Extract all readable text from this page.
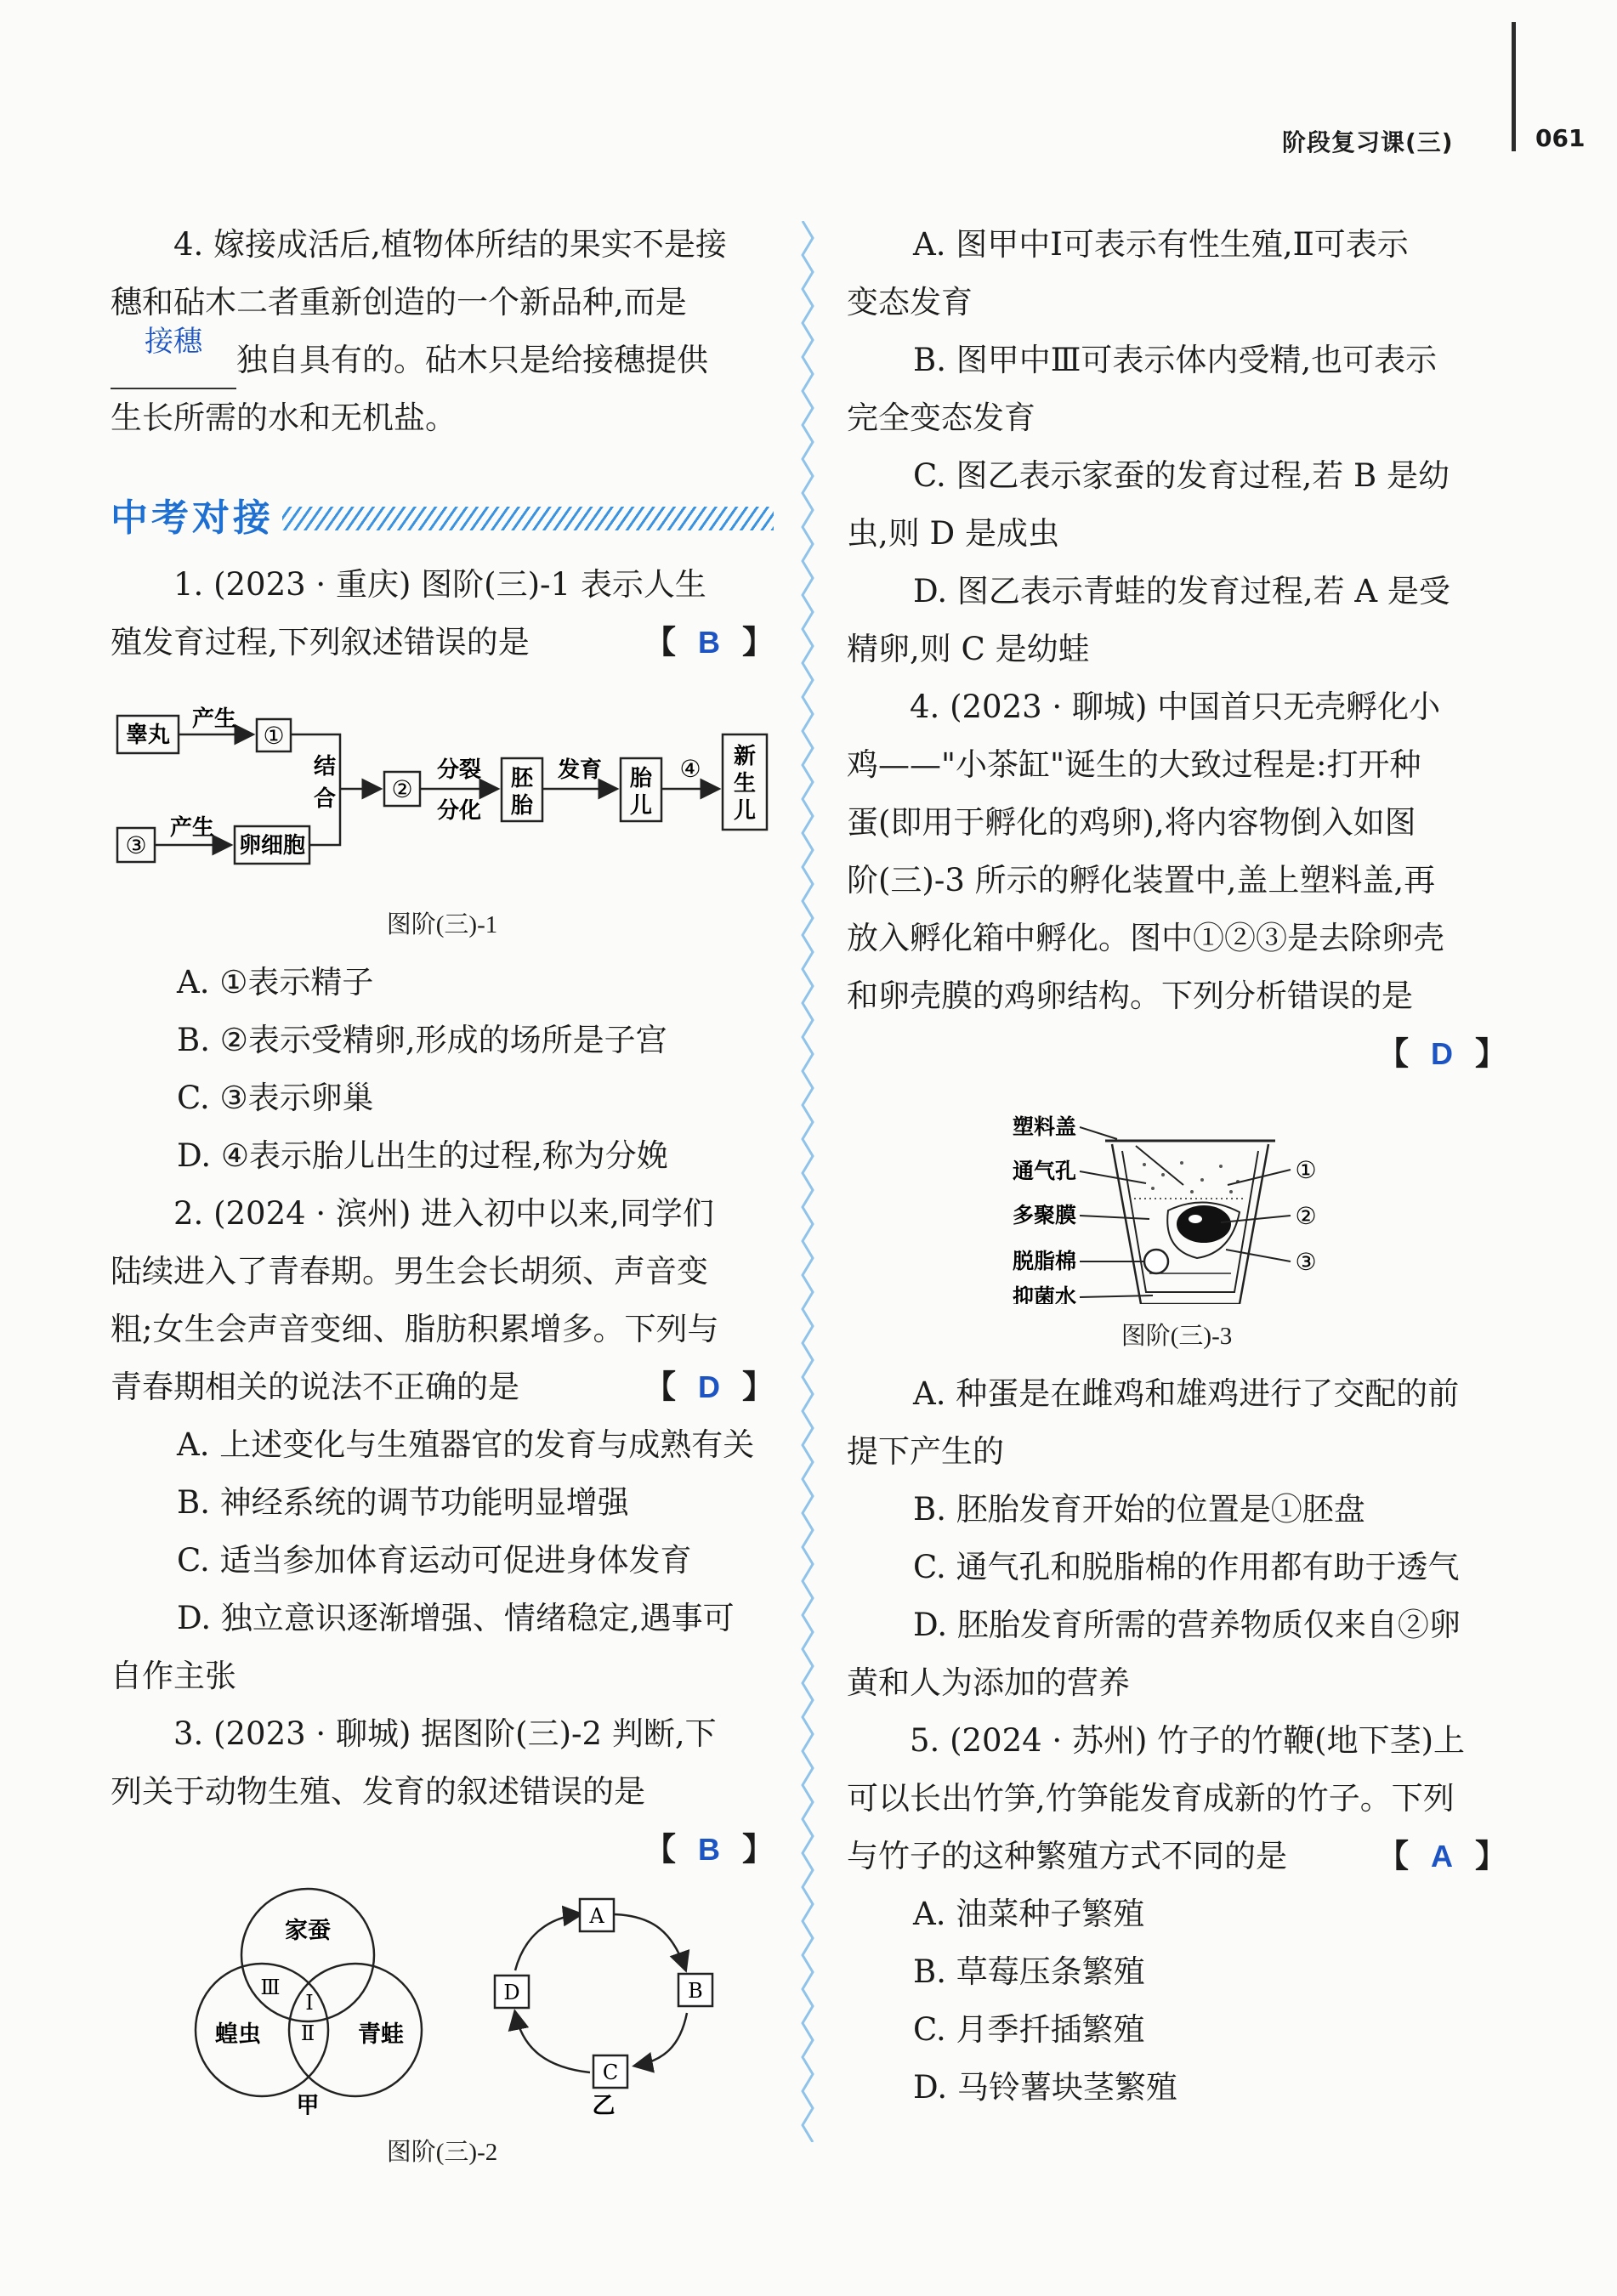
阶段复习课(三)	061

4. 嫁接成活后,植物体所结的果实不是接

穗和砧木二者重新创造的一个新品种,而是

接穗	独自具有的。砧木只是给接穗提供

生长所需的水和无机盐。

中考对接

1. (2023 · 重庆) 图阶(三)-1 表示人生

殖发育过程,下列叙述错误的是	【 B 】

睾丸
产生
①
③
产生
卵细胞
结
合 ②
分裂
分化
胚
胎
发育 胎
儿
④ 新
生
儿

图阶(三)-1

A. ①表示精子

B. ②表示受精卵,形成的场所是子宫

C. ③表示卵巢

D. ④表示胎儿出生的过程,称为分娩

2. (2024 · 滨州) 进入初中以来,同学们

陆续进入了青春期。男生会长胡须、声音变

粗;女生会声音变细、脂肪积累增多。下列与

青春期相关的说法不正确的是	【 D 】

A. 上述变化与生殖器官的发育与成熟有关

B. 神经系统的调节功能明显增强

C. 适当参加体育运动可促进身体发育

D. 独立意识逐渐增强、情绪稳定,遇事可

自作主张

3. (2023 · 聊城) 据图阶(三)-2 判断,下

列关于动物生殖、发育的叙述错误的是

【 B 】

家蚕
蝗虫	青蛙
Ⅲ
Ⅰ
Ⅱ
甲
A
B
C
D
乙

图阶(三)-2

A. 图甲中Ⅰ可表示有性生殖,Ⅱ可表示

变态发育

B. 图甲中Ⅲ可表示体内受精,也可表示

完全变态发育

C. 图乙表示家蚕的发育过程,若 B 是幼

虫,则 D 是成虫

D. 图乙表示青蛙的发育过程,若 A 是受

精卵,则 C 是幼蛙

4. (2023 · 聊城) 中国首只无壳孵化小

鸡——"小茶缸"诞生的大致过程是:打开种

蛋(即用于孵化的鸡卵),将内容物倒入如图

阶(三)-3 所示的孵化装置中,盖上塑料盖,再

放入孵化箱中孵化。图中①②③是去除卵壳

和卵壳膜的鸡卵结构。下列分析错误的是

【 D 】

塑料盖
通气孔
多聚膜
脱脂棉
抑菌水
①
②
③

图阶(三)-3

A. 种蛋是在雌鸡和雄鸡进行了交配的前

提下产生的

B. 胚胎发育开始的位置是①胚盘

C. 通气孔和脱脂棉的作用都有助于透气

D. 胚胎发育所需的营养物质仅来自②卵

黄和人为添加的营养

5. (2024 · 苏州) 竹子的竹鞭(地下茎)上

可以长出竹笋,竹笋能发育成新的竹子。下列

与竹子的这种繁殖方式不同的是	【 A 】

A. 油菜种子繁殖

B. 草莓压条繁殖

C. 月季扦插繁殖

D. 马铃薯块茎繁殖
